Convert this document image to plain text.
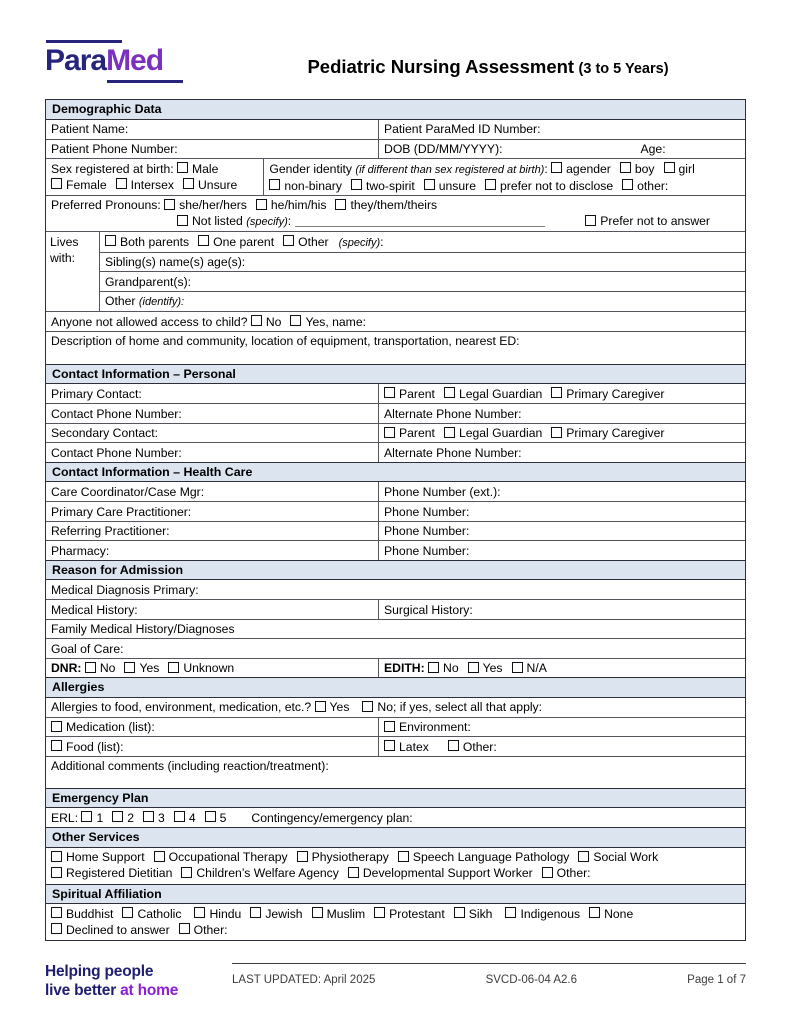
ParaMed	Pediatric Nursing Assessment (3 to 5 Years)
Demographic Data
Patient Name:	Patient ParaMed ID Number:
Patient Phone Number:	DOB (DD/MM/YYYY):	Age:
Sex registered at birth: Male
Female Intersex Unsure
Gender identity (if different than sex registered at birth): agender boy girl
non-binary two-spirit unsure prefer not to disclose other:
Preferred Pronouns: she/her/hers he/him/his they/them/theirs
Not listed (specify):	Prefer not to answer
Lives with:
Both parents One parent Other (specify):
Sibling(s) name(s) age(s):
Grandparent(s):
Other (identify):
Anyone not allowed access to child? No Yes, name:
Description of home and community, location of equipment, transportation, nearest ED:
Contact Information – Personal
Primary Contact:	Parent Legal Guardian Primary Caregiver
Contact Phone Number:	Alternate Phone Number:
Secondary Contact:	Parent Legal Guardian Primary Caregiver
Contact Phone Number:	Alternate Phone Number:
Contact Information – Health Care
Care Coordinator/Case Mgr:	Phone Number (ext.):
Primary Care Practitioner:	Phone Number:
Referring Practitioner:	Phone Number:
Pharmacy:	Phone Number:
Reason for Admission
Medical Diagnosis Primary:
Medical History:	Surgical History:
Family Medical History/Diagnoses
Goal of Care:
DNR: No Yes Unknown	EDITH: No Yes N/A
Allergies
Allergies to food, environment, medication, etc.? Yes No; if yes, select all that apply:
Medication (list):	Environment:
Food (list):	Latex	Other:
Additional comments (including reaction/treatment):
Emergency Plan
ERL: 1 2 3 4 5 Contingency/emergency plan:
Other Services
Home Support Occupational Therapy Physiotherapy Speech Language Pathology Social Work
Registered Dietitian Children’s Welfare Agency Developmental Support Worker Other:
Spiritual Affiliation
Buddhist Catholic Hindu Jewish Muslim Protestant Sikh Indigenous None
Declined to answer Other:
Helping people
live better at home
LAST UPDATED: April 2025	SVCD-06-04 A2.6	Page 1 of 7
